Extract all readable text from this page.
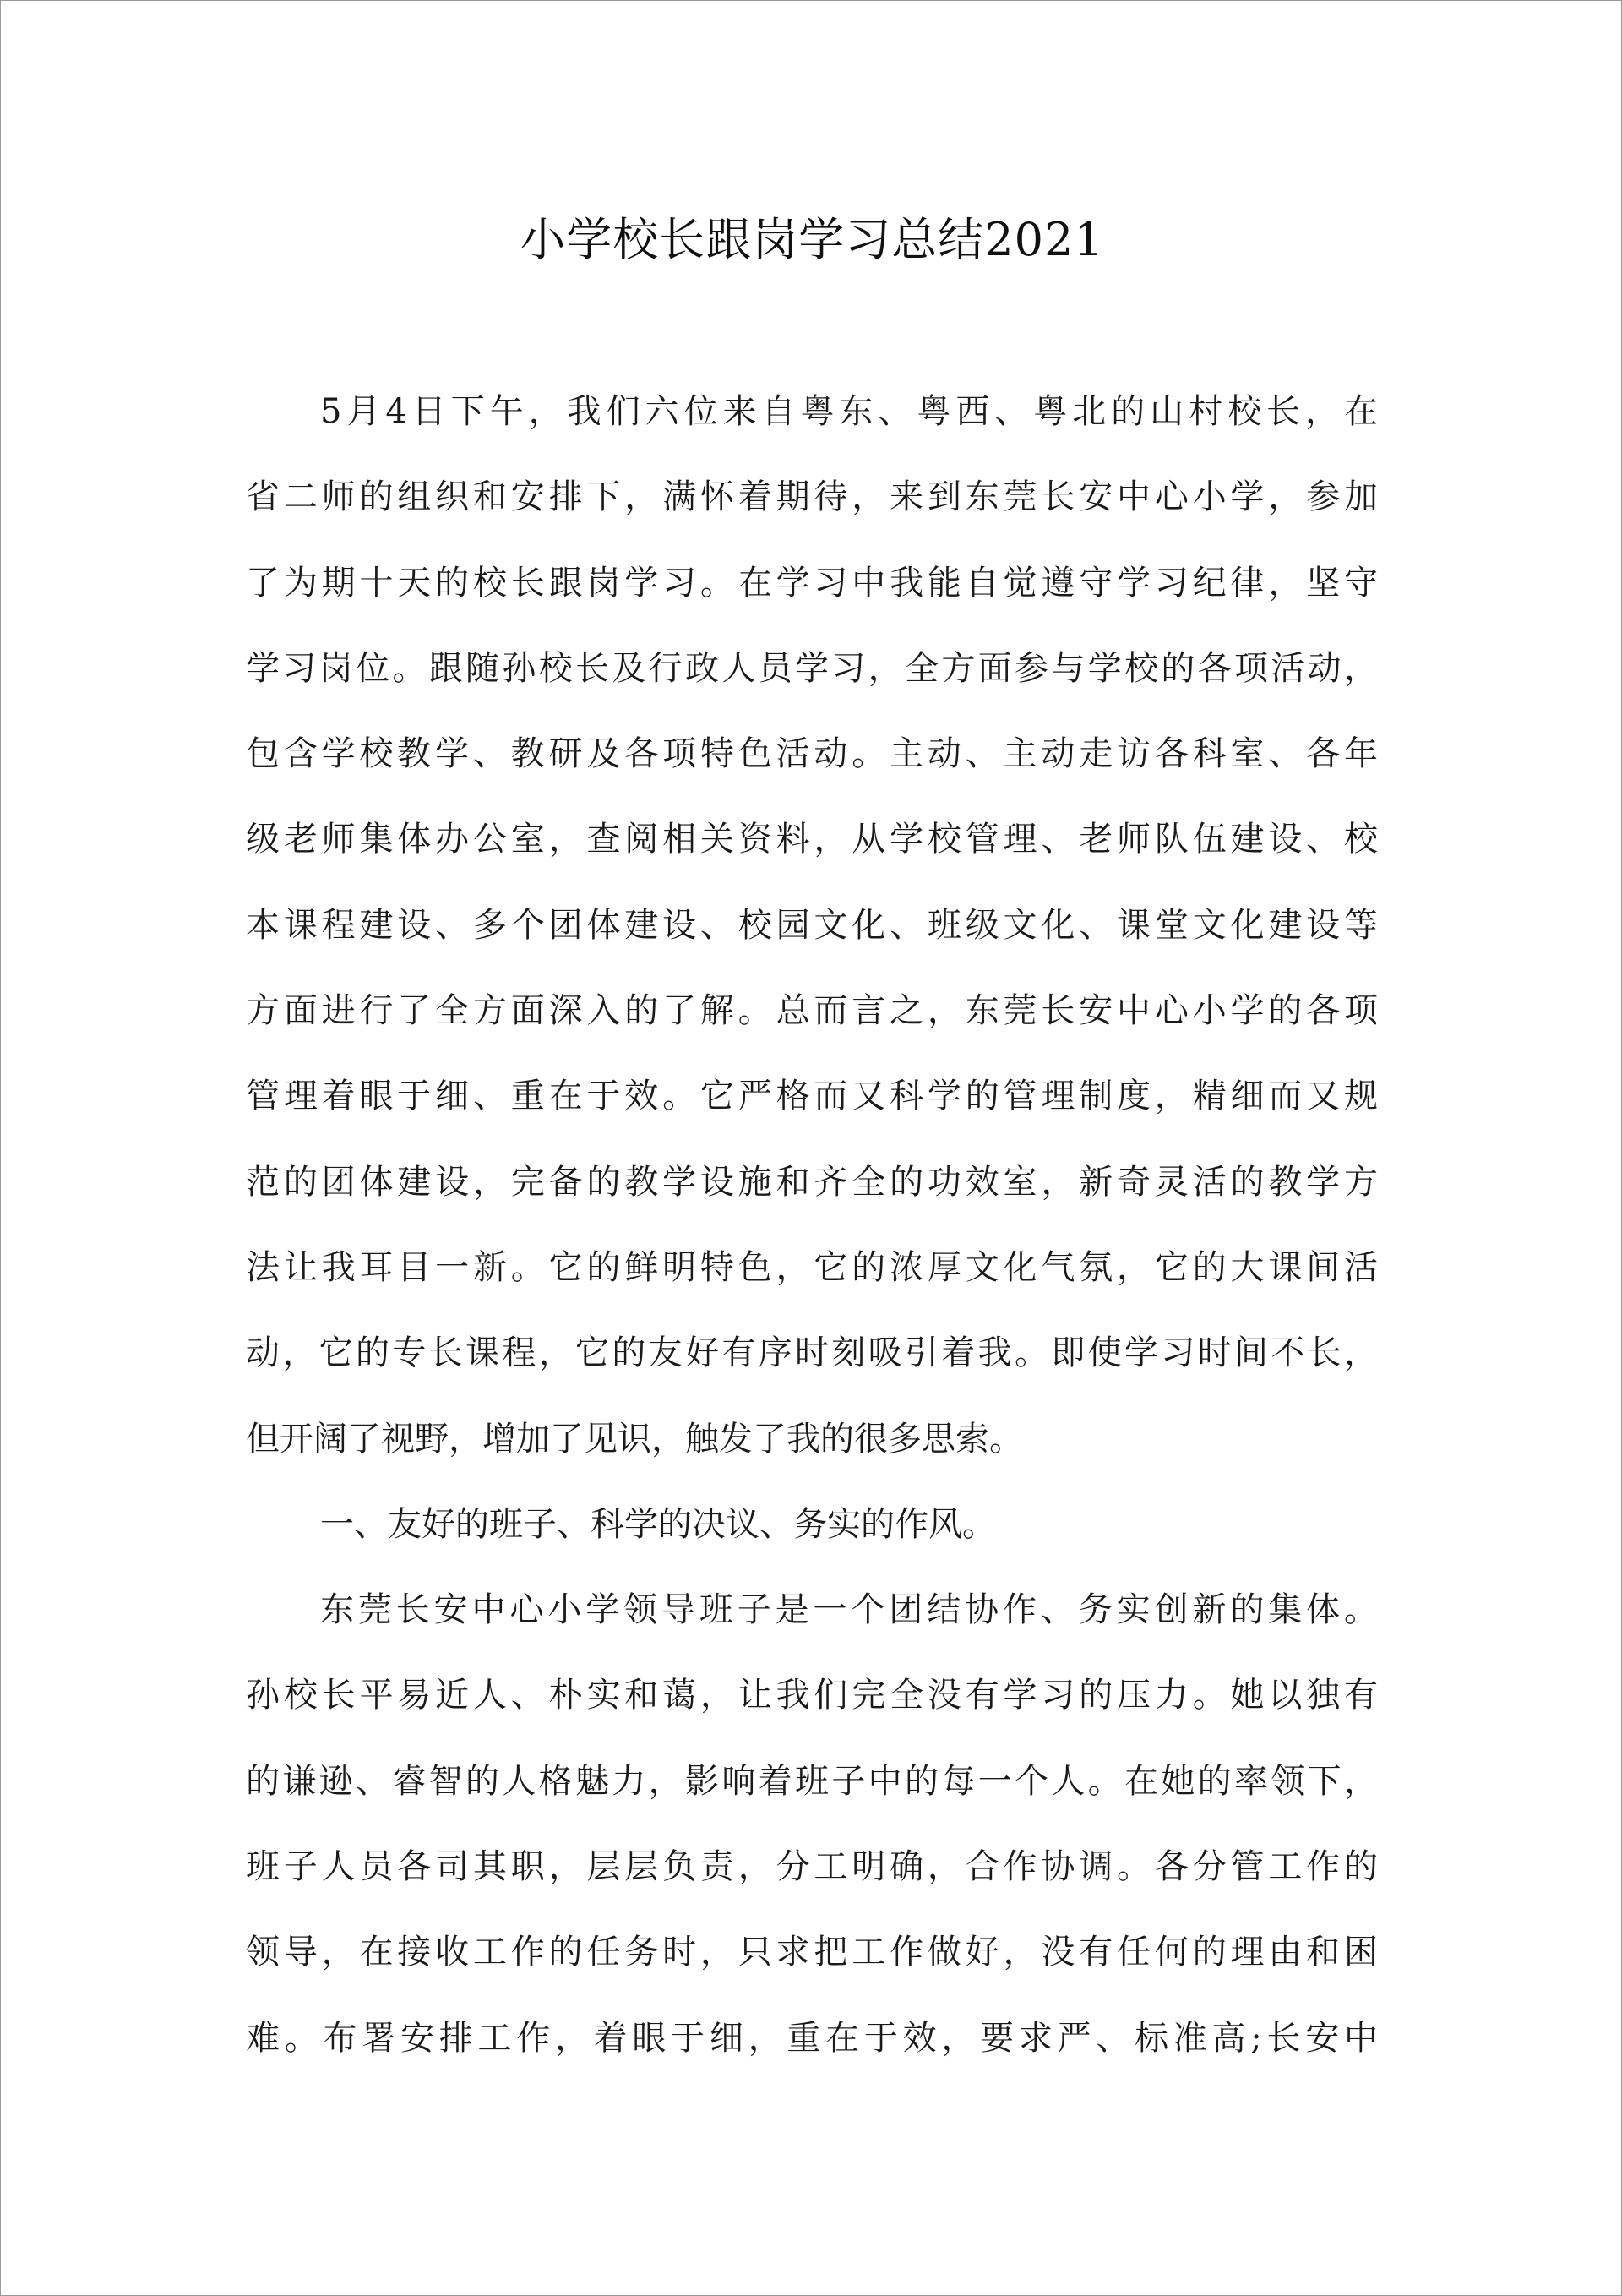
小学校长跟岗学习总结2021

5月4日下午，我们六位来自粤东、粤西、粤北的山村校长，在
省二师的组织和安排下，满怀着期待，来到东莞长安中心小学，参加
了为期十天的校长跟岗学习。在学习中我能自觉遵守学习纪律，坚守
学习岗位。跟随孙校长及行政人员学习，全方面参与学校的各项活动，
包含学校教学、教研及各项特色活动。主动、主动走访各科室、各年
级老师集体办公室，查阅相关资料，从学校管理、老师队伍建设、校
本课程建设、多个团体建设、校园文化、班级文化、课堂文化建设等
方面进行了全方面深入的了解。总而言之，东莞长安中心小学的各项
管理着眼于细、重在于效。它严格而又科学的管理制度，精细而又规
范的团体建设，完备的教学设施和齐全的功效室，新奇灵活的教学方
法让我耳目一新。它的鲜明特色，它的浓厚文化气氛，它的大课间活
动，它的专长课程，它的友好有序时刻吸引着我。即使学习时间不长，
但开阔了视野，增加了见识，触发了我的很多思索。

一、友好的班子、科学的决议、务实的作风。

东莞长安中心小学领导班子是一个团结协作、务实创新的集体。
孙校长平易近人、朴实和蔼，让我们完全没有学习的压力。她以独有
的谦逊、睿智的人格魅力，影响着班子中的每一个人。在她的率领下，
班子人员各司其职，层层负责，分工明确，合作协调。各分管工作的
领导，在接收工作的任务时，只求把工作做好，没有任何的理由和困
难。布署安排工作，着眼于细，重在于效，要求严、标准高;长安中
